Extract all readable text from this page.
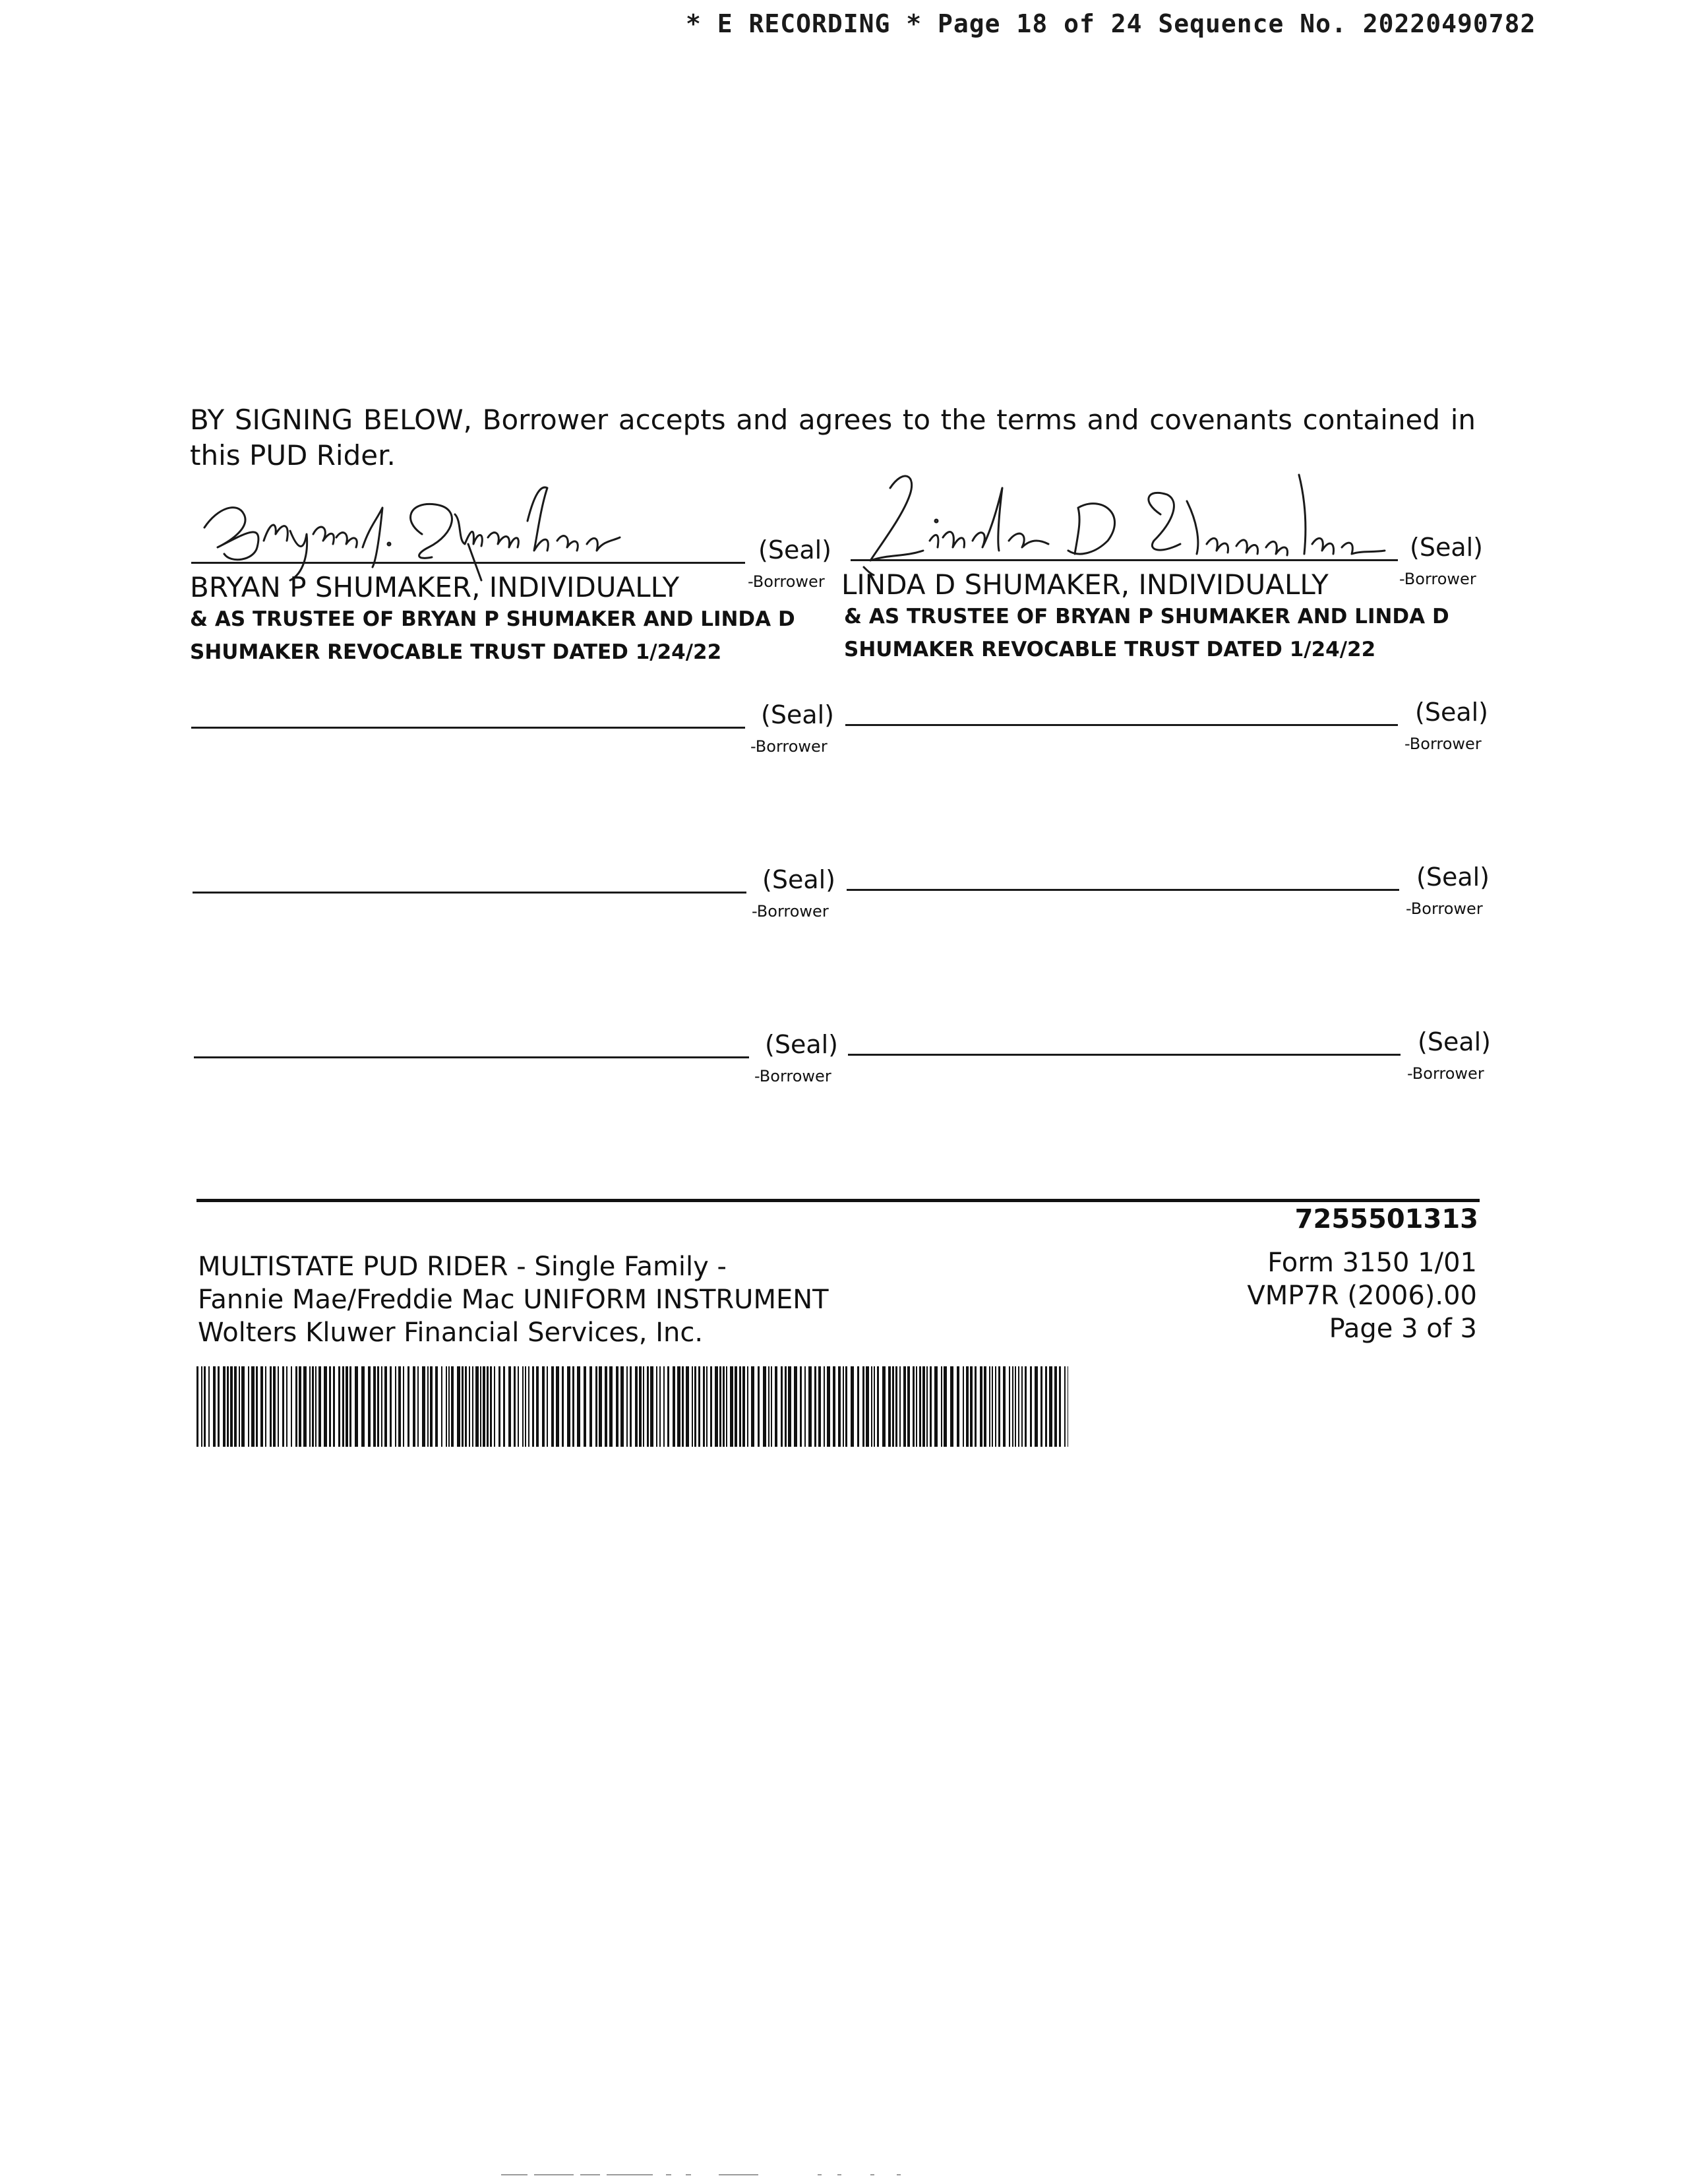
* E RECORDING * Page 18 of 24 Sequence No. 20220490782
BY SIGNING BELOW, Borrower accepts and agrees to the terms and covenants contained in this PUD Rider.
(Seal)
-Borrower
BRYAN P SHUMAKER, INDIVIDUALLY
& AS TRUSTEE OF BRYAN P SHUMAKER AND LINDA D
SHUMAKER REVOCABLE TRUST DATED 1/24/22
(Seal)
-Borrower
LINDA D SHUMAKER, INDIVIDUALLY
& AS TRUSTEE OF BRYAN P SHUMAKER AND LINDA D
SHUMAKER REVOCABLE TRUST DATED 1/24/22
(Seal)
-Borrower
(Seal)
-Borrower
(Seal)
-Borrower
(Seal)
-Borrower
(Seal)
-Borrower
(Seal)
-Borrower
7255501313
MULTISTATE PUD RIDER - Single Family -
Fannie Mae/Freddie Mac UNIFORM INSTRUMENT
Wolters Kluwer Financial Services, Inc.
Form 3150 1/01
VMP7R (2006).00
Page 3 of 3
